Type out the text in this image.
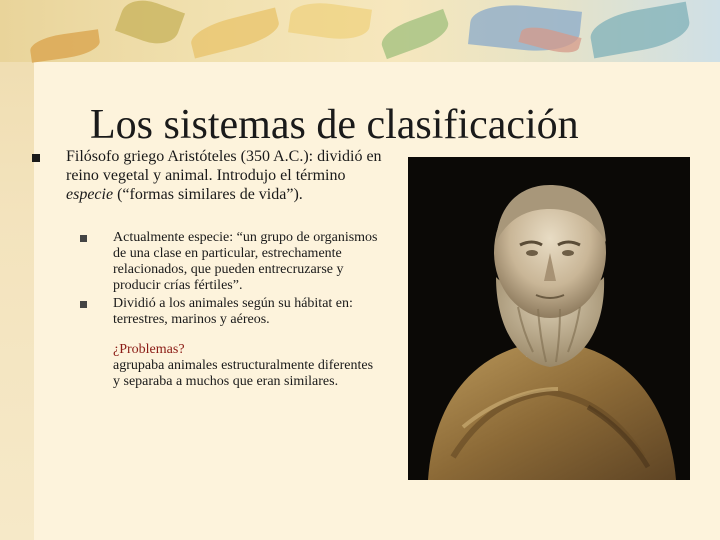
Los sistemas de clasificación

Filósofo griego Aristóteles (350 A.C.): dividió en reino vegetal y animal. Introdujo el término especie (“formas similares de vida”).

Actualmente especie: “un grupo de organismos de una clase en particular, estrechamente relacionados, que pueden entrecruzarse y producir crías fértiles”.
Dividió a los animales según su hábitat en: terrestres, marinos y aéreos.
¿Problemas?
agrupaba animales estructuralmente diferentes y separaba a muchos que eran similares.
